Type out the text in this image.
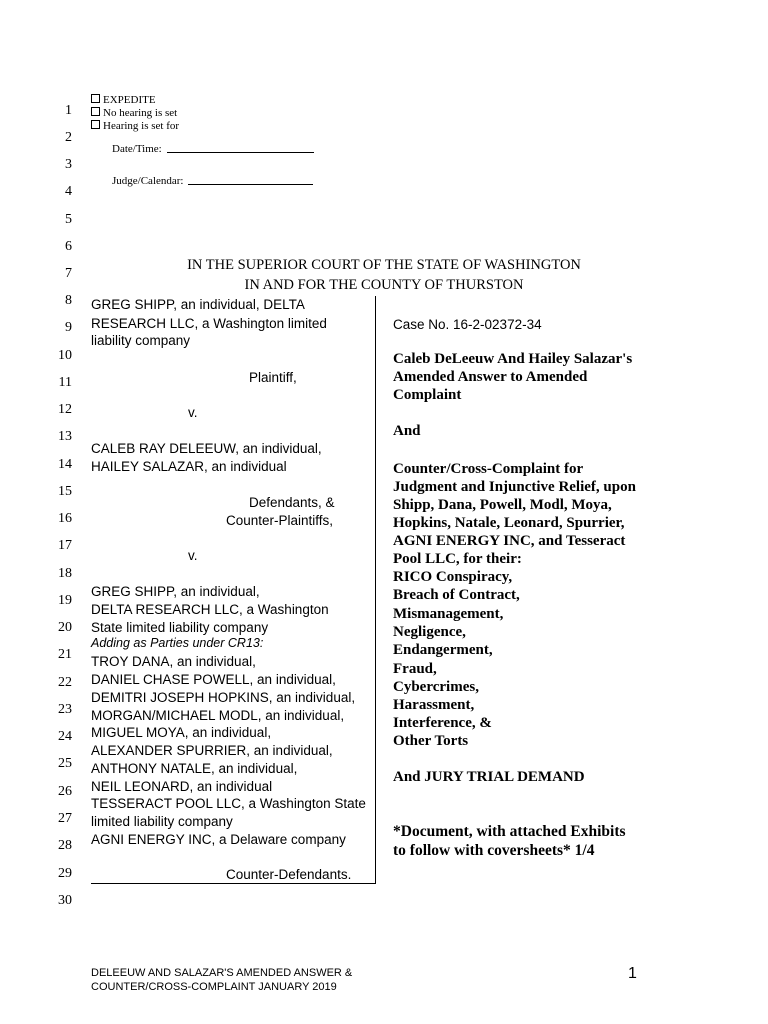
EXPEDITE
No hearing is set
Hearing is set for
Date/Time:
Judge/Calendar:
1
2
3
4
5
6
7
8
9
10
11
12
13
14
15
16
17
18
19
20
21
22
23
24
25
26
27
28
29
30
IN THE SUPERIOR COURT OF THE STATE OF WASHINGTON
IN AND FOR THE COUNTY OF THURSTON
GREG SHIPP, an individual, DELTA
RESEARCH LLC, a Washington limited
liability company
Plaintiff,
v.
CALEB RAY DELEEUW, an individual,
HAILEY SALAZAR, an individual
Defendants, &
Counter-Plaintiffs,
v.
GREG SHIPP, an individual,
DELTA RESEARCH LLC, a Washington
State limited liability company
Adding as Parties under CR13:
TROY DANA, an individual,
DANIEL CHASE POWELL, an individual,
DEMITRI JOSEPH HOPKINS, an individual,
MORGAN/MICHAEL MODL, an individual,
MIGUEL MOYA, an individual,
ALEXANDER SPURRIER, an individual,
ANTHONY NATALE, an individual,
NEIL LEONARD, an individual
TESSERACT POOL LLC, a Washington State
limited liability company
AGNI ENERGY INC, a Delaware company
Counter-Defendants.
Case No. 16-2-02372-34
Caleb DeLeeuw And Hailey Salazar's
Amended Answer to Amended
Complaint
And
Counter/Cross-Complaint for
Judgment and Injunctive Relief, upon
Shipp, Dana, Powell, Modl, Moya,
Hopkins, Natale, Leonard, Spurrier,
AGNI ENERGY INC, and Tesseract
Pool LLC, for their:
RICO Conspiracy,
Breach of Contract,
Mismanagement,
Negligence,
Endangerment,
Fraud,
Cybercrimes,
Harassment,
Interference, &
Other Torts
And JURY TRIAL DEMAND
*Document, with attached Exhibits
to follow with coversheets* 1/4
DELEEUW AND SALAZAR'S AMENDED ANSWER &
COUNTER/CROSS-COMPLAINT JANUARY 2019
1
